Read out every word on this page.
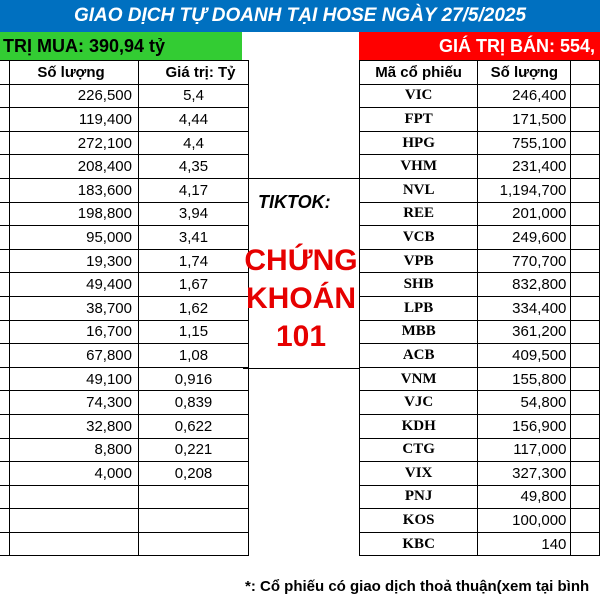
GIAO DỊCH TỰ DOANH TẠI HOSE NGÀY 27/5/2025
TRỊ MUA: 390,94 tỷ	GIÁ TRỊ BÁN: 554,
	Số lượng	Giá trị: Tỷ
	226,500	5,4
	119,400	4,44
	272,100	4,4
	208,400	4,35
	183,600	4,17
	198,800	3,94
	95,000	3,41
	19,300	1,74
	49,400	1,67
	38,700	1,62
	16,700	1,15
	67,800	1,08
	49,100	0,916
	74,300	0,839
	32,800	0,622
	8,800	0,221
	4,000	0,208

Mã cổ phiếu	Số lượng	
VIC	246,400	
FPT	171,500	
HPG	755,100	
VHM	231,400	
NVL	1,194,700	
REE	201,000	
VCB	249,600	
VPB	770,700	
SHB	832,800	
LPB	334,400	
MBB	361,200	
ACB	409,500	
VNM	155,800	
VJC	54,800	
KDH	156,900	
CTG	117,000	
VIX	327,300	
PNJ	49,800	
KOS	100,000	
KBC	140	
TIKTOK:
CHỨNG
KHOÁN
101
*: Cổ phiếu có giao dịch thoả thuận(xem tại bình
